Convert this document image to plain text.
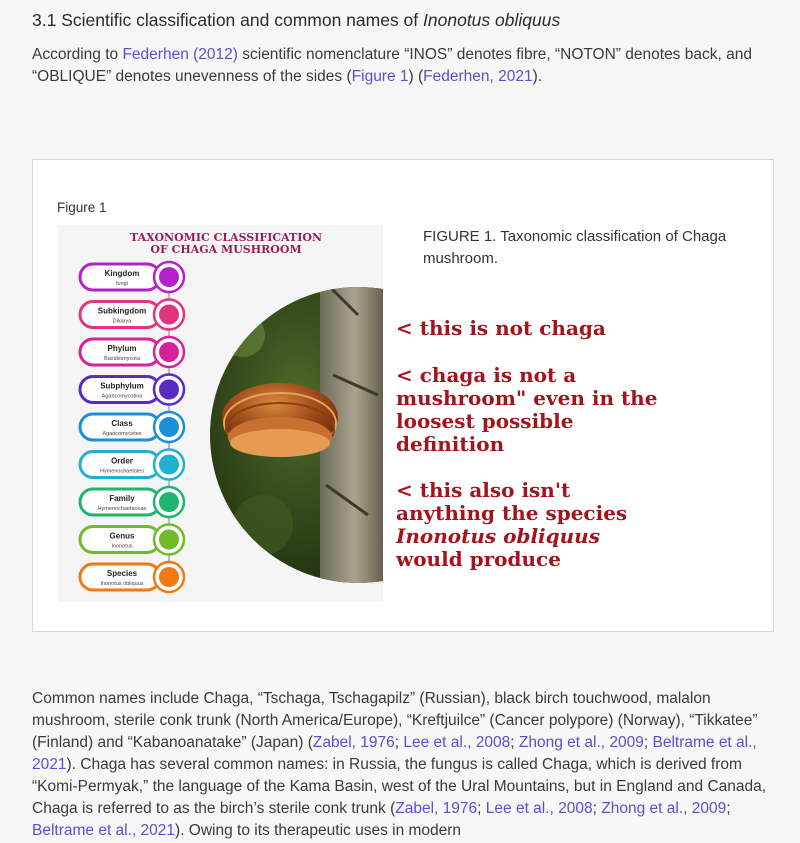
3.1 Scientific classification and common names of Inonotus obliquus

According to Federhen (2012) scientific nomenclature “INOS” denotes fibre, “NOTON” denotes back, and “OBLIQUE” denotes unevenness of the sides (Figure 1) (Federhen, 2021).

Figure 1
TAXONOMIC CLASSIFICATION
OF CHAGA MUSHROOM
Kingdom
fungi
Subkingdom
Dikarya
Phylum
Basidiomycota
Subphylum
Agaricomycotina
Class
Agaricomycetes
Order
Hymenochaetales
Family
Hymenochaetaceae
Genus
Inonotus
Species
Inonotus obliquus
FIGURE 1. Taxonomic classification of Chaga mushroom.
< this is not chaga
< chaga is not a
mushroom" even in the
loosest possible
definition
< this also isn't
anything the species
Inonotus obliquus
would produce

Common names include Chaga, “Tschaga, Tschagapilz” (Russian), black birch touchwood, malalon mushroom, sterile conk trunk (North America/Europe), “Kreftjuilce” (Cancer polypore) (Norway), “Tikkatee” (Finland) and “Kabanoanatake” (Japan) (Zabel, 1976; Lee et al., 2008; Zhong et al., 2009; Beltrame et al., 2021). Chaga has several common names: in Russia, the fungus is called Chaga, which is derived from “Komi-Permyak,” the language of the Kama Basin, west of the Ural Mountains, but in England and Canada, Chaga is referred to as the birch’s sterile conk trunk (Zabel, 1976; Lee et al., 2008; Zhong et al., 2009; Beltrame et al., 2021). Owing to its therapeutic uses in modern
